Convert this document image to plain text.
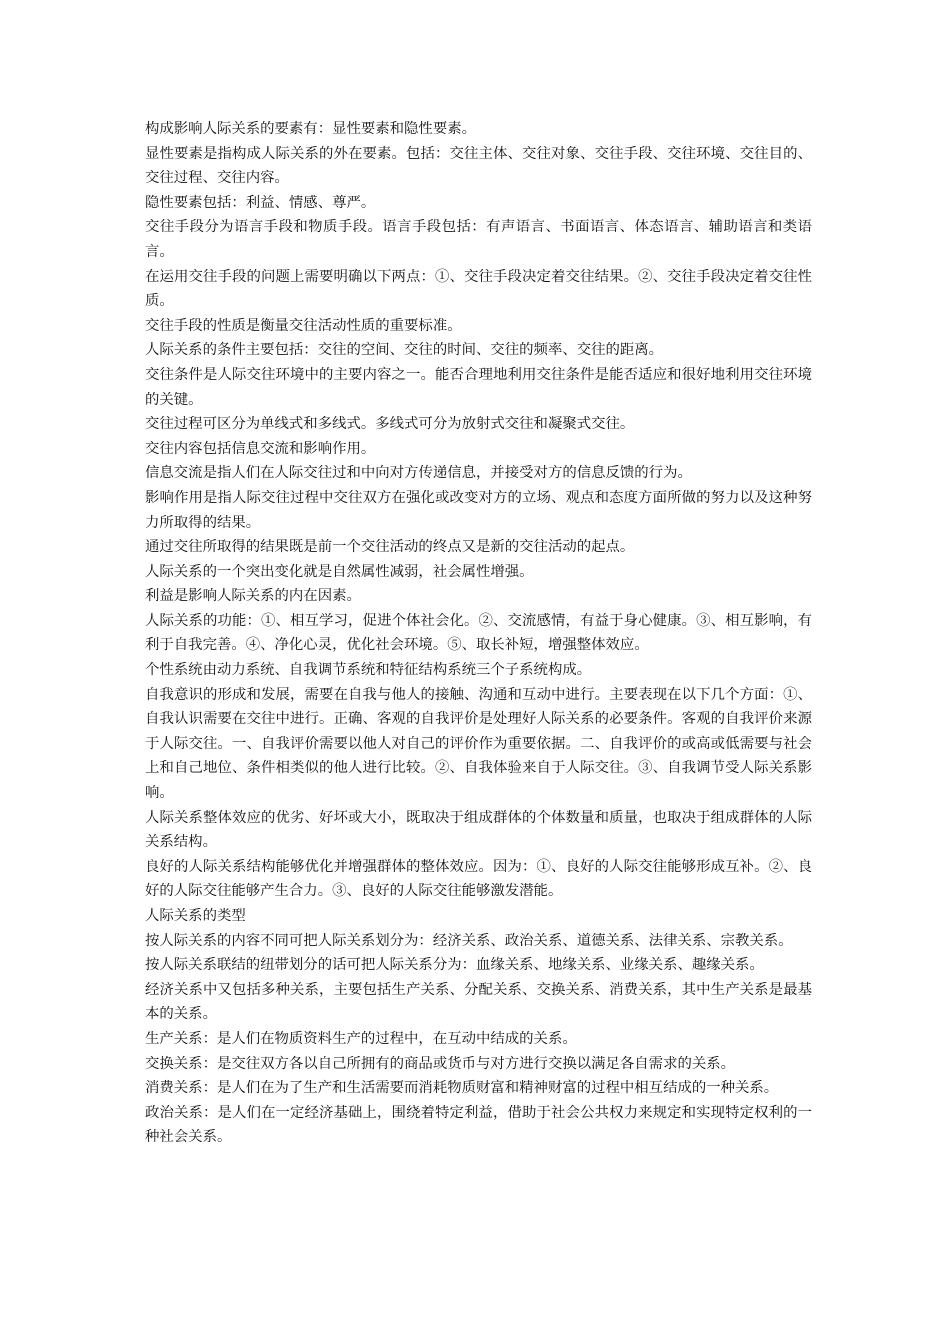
构成影响人际关系的要素有：显性要素和隐性要素。

显性要素是指构成人际关系的外在要素。包括：交往主体、交往对象、交往手段、交往环境、交往目的、交往过程、交往内容。

隐性要素包括：利益、情感、尊严。

交往手段分为语言手段和物质手段。语言手段包括：有声语言、书面语言、体态语言、辅助语言和类语言。

在运用交往手段的问题上需要明确以下两点：①、交往手段决定着交往结果。②、交往手段决定着交往性质。

交往手段的性质是衡量交往活动性质的重要标准。

人际关系的条件主要包括：交往的空间、交往的时间、交往的频率、交往的距离。

交往条件是人际交往环境中的主要内容之一。能否合理地利用交往条件是能否适应和很好地利用交往环境的关键。

交往过程可区分为单线式和多线式。多线式可分为放射式交往和凝聚式交往。

交往内容包括信息交流和影响作用。

信息交流是指人们在人际交往过和中向对方传递信息，并接受对方的信息反馈的行为。

影响作用是指人际交往过程中交往双方在强化或改变对方的立场、观点和态度方面所做的努力以及这种努力所取得的结果。

通过交往所取得的结果既是前一个交往活动的终点又是新的交往活动的起点。

人际关系的一个突出变化就是自然属性减弱，社会属性增强。

利益是影响人际关系的内在因素。

人际关系的功能：①、相互学习，促进个体社会化。②、交流感情，有益于身心健康。③、相互影响，有利于自我完善。④、净化心灵，优化社会环境。⑤、取长补短，增强整体效应。

个性系统由动力系统、自我调节系统和特征结构系统三个子系统构成。

自我意识的形成和发展，需要在自我与他人的接触、沟通和互动中进行。主要表现在以下几个方面：①、自我认识需要在交往中进行。正确、客观的自我评价是处理好人际关系的必要条件。客观的自我评价来源于人际交往。一、自我评价需要以他人对自己的评价作为重要依据。二、自我评价的或高或低需要与社会上和自己地位、条件相类似的他人进行比较。②、自我体验来自于人际交往。③、自我调节受人际关系影响。

人际关系整体效应的优劣、好坏或大小，既取决于组成群体的个体数量和质量，也取决于组成群体的人际关系结构。

良好的人际关系结构能够优化并增强群体的整体效应。因为：①、良好的人际交往能够形成互补。②、良好的人际交往能够产生合力。③、良好的人际交往能够激发潜能。

人际关系的类型

按人际关系的内容不同可把人际关系划分为：经济关系、政治关系、道德关系、法律关系、宗教关系。

按人际关系联结的纽带划分的话可把人际关系分为：血缘关系、地缘关系、业缘关系、趣缘关系。

经济关系中又包括多种关系，主要包括生产关系、分配关系、交换关系、消费关系，其中生产关系是最基本的关系。

生产关系：是人们在物质资料生产的过程中，在互动中结成的关系。

交换关系：是交往双方各以自己所拥有的商品或货币与对方进行交换以满足各自需求的关系。

消费关系：是人们在为了生产和生活需要而消耗物质财富和精神财富的过程中相互结成的一种关系。

政治关系：是人们在一定经济基础上，围绕着特定利益，借助于社会公共权力来规定和实现特定权利的一种社会关系。
